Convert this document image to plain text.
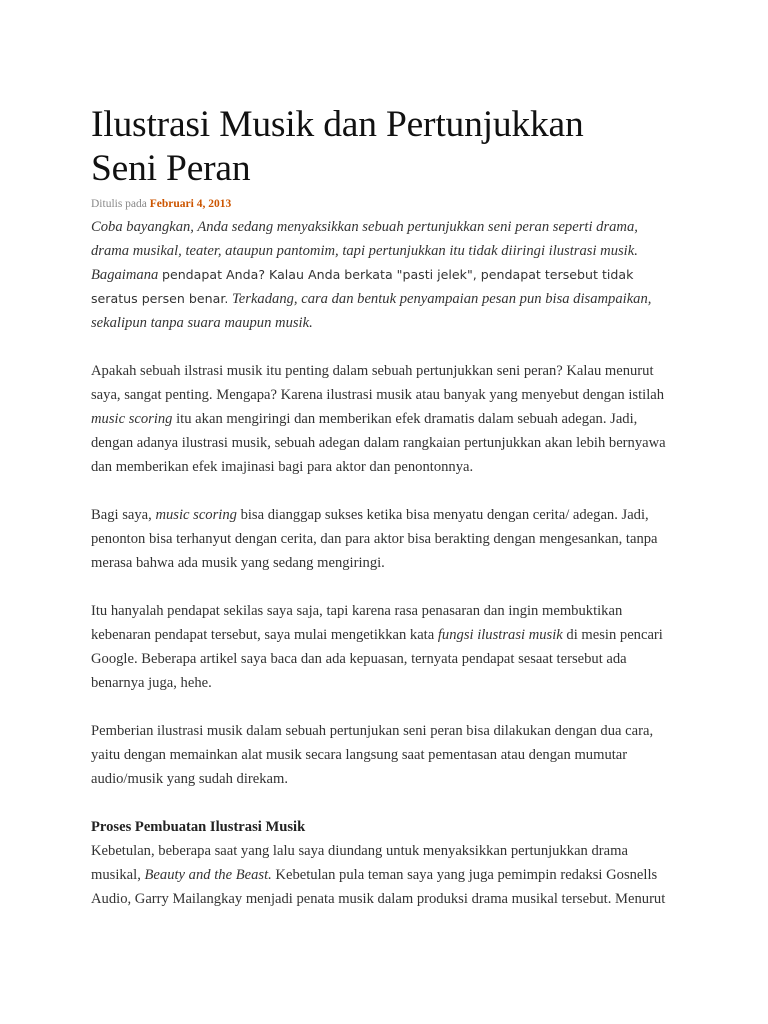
Ilustrasi Musik dan Pertunjukkan
Seni Peran
Ditulis pada Februari 4, 2013

Coba bayangkan, Anda sedang menyaksikkan sebuah pertunjukkan seni peran seperti drama, drama musikal, teater, ataupun pantomim, tapi pertunjukkan itu tidak diiringi ilustrasi musik. Bagaimana pendapat Anda? Kalau Anda berkata "pasti jelek", pendapat tersebut tidak seratus persen benar. Terkadang, cara dan bentuk penyampaian pesan pun bisa disampaikan, sekalipun tanpa suara maupun musik.

Apakah sebuah ilstrasi musik itu penting dalam sebuah pertunjukkan seni peran? Kalau menurut saya, sangat penting. Mengapa? Karena ilustrasi musik atau banyak yang menyebut dengan istilah music scoring itu akan mengiringi dan memberikan efek dramatis dalam sebuah adegan. Jadi, dengan adanya ilustrasi musik, sebuah adegan dalam rangkaian pertunjukkan akan lebih bernyawa dan memberikan efek imajinasi bagi para aktor dan penontonnya.

Bagi saya, music scoring bisa dianggap sukses ketika bisa menyatu dengan cerita/ adegan. Jadi, penonton bisa terhanyut dengan cerita, dan para aktor bisa berakting dengan mengesankan, tanpa merasa bahwa ada musik yang sedang mengiringi.

Itu hanyalah pendapat sekilas saya saja, tapi karena rasa penasaran dan ingin membuktikan kebenaran pendapat tersebut, saya mulai mengetikkan kata fungsi ilustrasi musik di mesin pencari Google. Beberapa artikel saya baca dan ada kepuasan, ternyata pendapat sesaat tersebut ada benarnya juga, hehe.

Pemberian ilustrasi musik dalam sebuah pertunjukan seni peran bisa dilakukan dengan dua cara, yaitu dengan memainkan alat musik secara langsung saat pementasan atau dengan mumutar audio/musik yang sudah direkam.

Proses Pembuatan Ilustrasi Musik

Kebetulan, beberapa saat yang lalu saya diundang untuk menyaksikkan pertunjukkan drama musikal, Beauty and the Beast. Kebetulan pula teman saya yang juga pemimpin redaksi Gosnells Audio, Garry Mailangkay menjadi penata musik dalam produksi drama musikal tersebut. Menurut
